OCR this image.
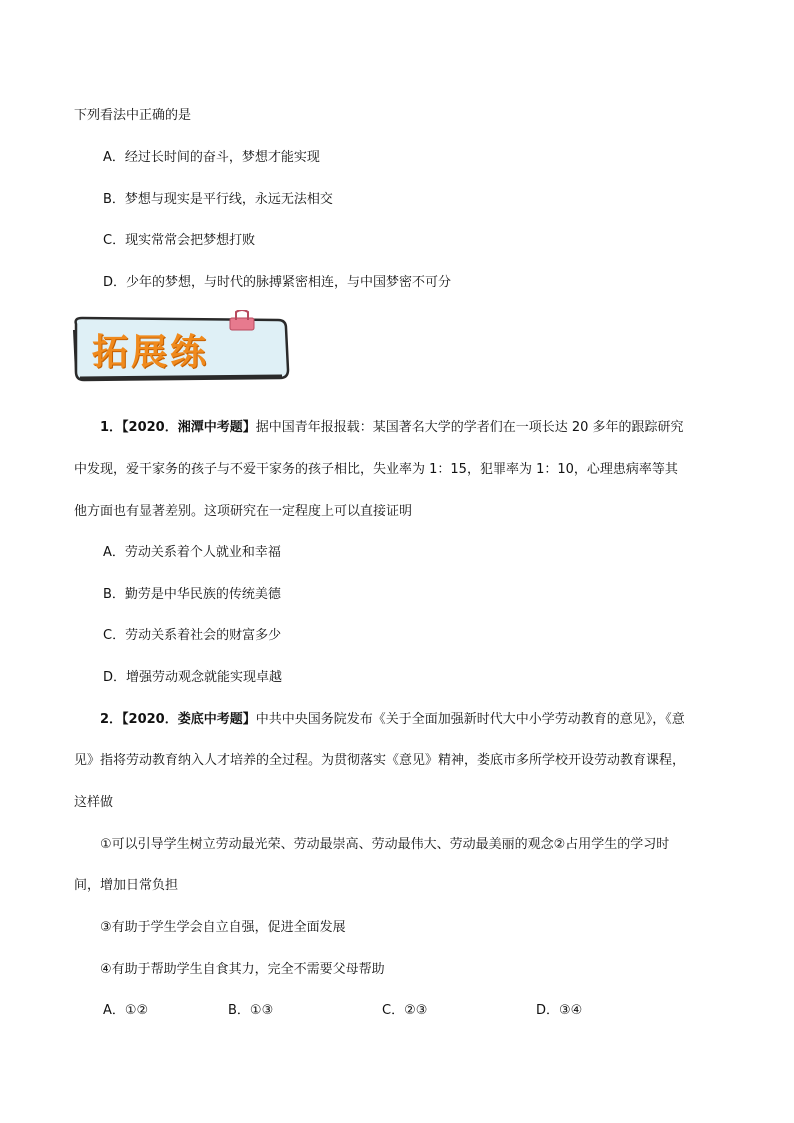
下列看法中正确的是
A．经过长时间的奋斗，梦想才能实现
B．梦想与现实是平行线，永远无法相交
C．现实常常会把梦想打败
D．少年的梦想，与时代的脉搏紧密相连，与中国梦密不可分
拓展练
1．【2020．湘潭中考题】据中国青年报报载：某国著名大学的学者们在一项长达 20 多年的跟踪研究
中发现，爱干家务的孩子与不爱干家务的孩子相比，失业率为 1：15，犯罪率为 1：10，心理患病率等其
他方面也有显著差别。这项研究在一定程度上可以直接证明
A．劳动关系着个人就业和幸福
B．勤劳是中华民族的传统美德
C．劳动关系着社会的财富多少
D．增强劳动观念就能实现卓越
2．【2020．娄底中考题】中共中央国务院发布《关于全面加强新时代大中小学劳动教育的意见》，《意
见》指将劳动教育纳入人才培养的全过程。为贯彻落实《意见》精神，娄底市多所学校开设劳动教育课程，
这样做
①可以引导学生树立劳动最光荣、劳动最崇高、劳动最伟大、劳动最美丽的观念②占用学生的学习时
间，增加日常负担
③有助于学生学会自立自强，促进全面发展
④有助于帮助学生自食其力，完全不需要父母帮助
A．①②	B．①③	C．②③	D．③④
